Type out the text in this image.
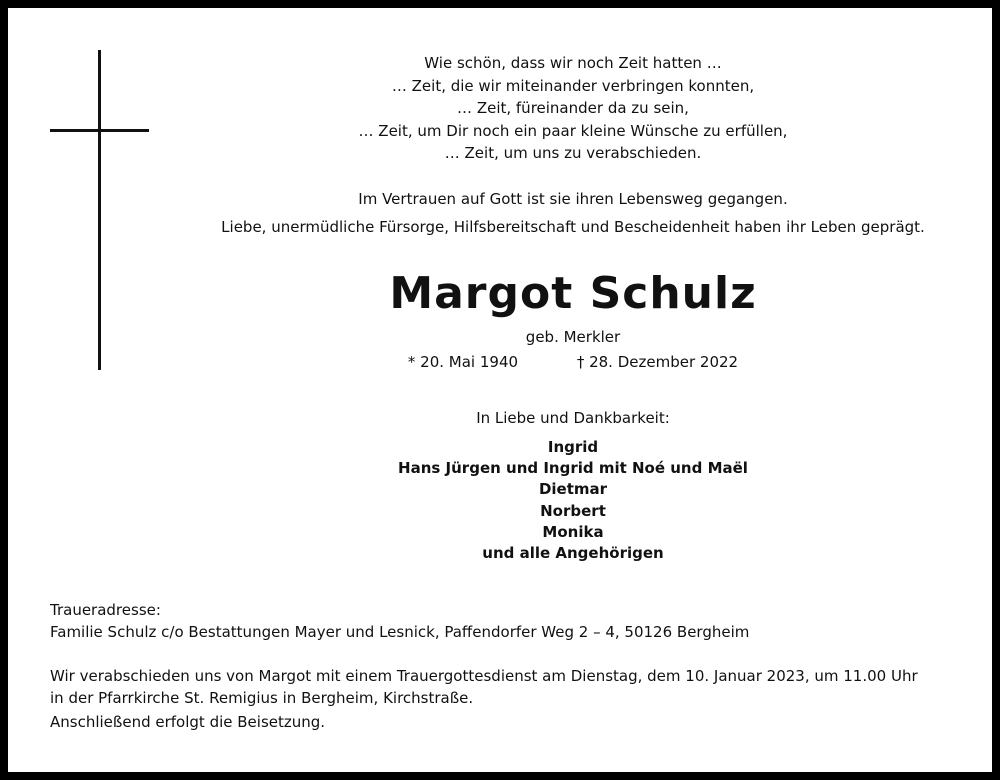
Wie schön, dass wir noch Zeit hatten …
… Zeit, die wir miteinander verbringen konnten,
… Zeit, füreinander da zu sein,
… Zeit, um Dir noch ein paar kleine Wünsche zu erfüllen,
… Zeit, um uns zu verabschieden.
Im Vertrauen auf Gott ist sie ihren Lebensweg gegangen.
Liebe, unermüdliche Fürsorge, Hilfsbereitschaft und Bescheidenheit haben ihr Leben geprägt.
Margot Schulz
geb. Merkler
* 20. Mai 1940	† 28. Dezember 2022
In Liebe und Dankbarkeit:
Ingrid
Hans Jürgen und Ingrid mit Noé und Maël
Dietmar
Norbert
Monika
und alle Angehörigen
Traueradresse:
Familie Schulz c/o Bestattungen Mayer und Lesnick, Paffendorfer Weg 2 – 4, 50126 Bergheim
Wir verabschieden uns von Margot mit einem Trauergottesdienst am Dienstag, dem 10. Januar 2023, um 11.00 Uhr
in der Pfarrkirche St. Remigius in Bergheim, Kirchstraße.
Anschließend erfolgt die Beisetzung.
